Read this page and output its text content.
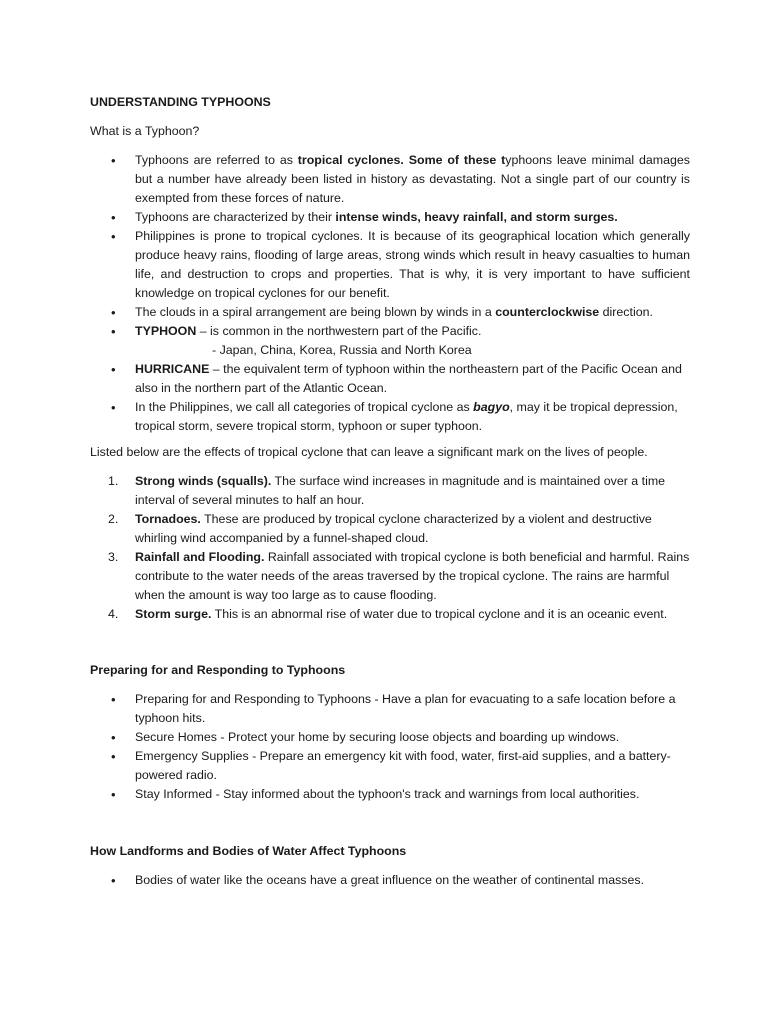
UNDERSTANDING TYPHOONS

What is a Typhoon?

• Typhoons are referred to as tropical cyclones. Some of these typhoons leave minimal damages but a number have already been listed in history as devastating. Not a single part of our country is exempted from these forces of nature.
• Typhoons are characterized by their intense winds, heavy rainfall, and storm surges.
• Philippines is prone to tropical cyclones. It is because of its geographical location which generally produce heavy rains, flooding of large areas, strong winds which result in heavy casualties to human life, and destruction to crops and properties. That is why, it is very important to have sufficient knowledge on tropical cyclones for our benefit.
• The clouds in a spiral arrangement are being blown by winds in a counterclockwise direction.
• TYPHOON – is common in the northwestern part of the Pacific.
- Japan, China, Korea, Russia and North Korea
• HURRICANE – the equivalent term of typhoon within the northeastern part of the Pacific Ocean and also in the northern part of the Atlantic Ocean.
• In the Philippines, we call all categories of tropical cyclone as bagyo, may it be tropical depression, tropical storm, severe tropical storm, typhoon or super typhoon.

Listed below are the effects of tropical cyclone that can leave a significant mark on the lives of people.

1. Strong winds (squalls). The surface wind increases in magnitude and is maintained over a time interval of several minutes to half an hour.
2. Tornadoes. These are produced by tropical cyclone characterized by a violent and destructive whirling wind accompanied by a funnel-shaped cloud.
3. Rainfall and Flooding. Rainfall associated with tropical cyclone is both beneficial and harmful. Rains contribute to the water needs of the areas traversed by the tropical cyclone. The rains are harmful when the amount is way too large as to cause flooding.
4. Storm surge. This is an abnormal rise of water due to tropical cyclone and it is an oceanic event.

Preparing for and Responding to Typhoons

• Preparing for and Responding to Typhoons - Have a plan for evacuating to a safe location before a typhoon hits.
• Secure Homes - Protect your home by securing loose objects and boarding up windows.
• Emergency Supplies - Prepare an emergency kit with food, water, first-aid supplies, and a battery-powered radio.
• Stay Informed - Stay informed about the typhoon's track and warnings from local authorities.

How Landforms and Bodies of Water Affect Typhoons

• Bodies of water like the oceans have a great influence on the weather of continental masses.
